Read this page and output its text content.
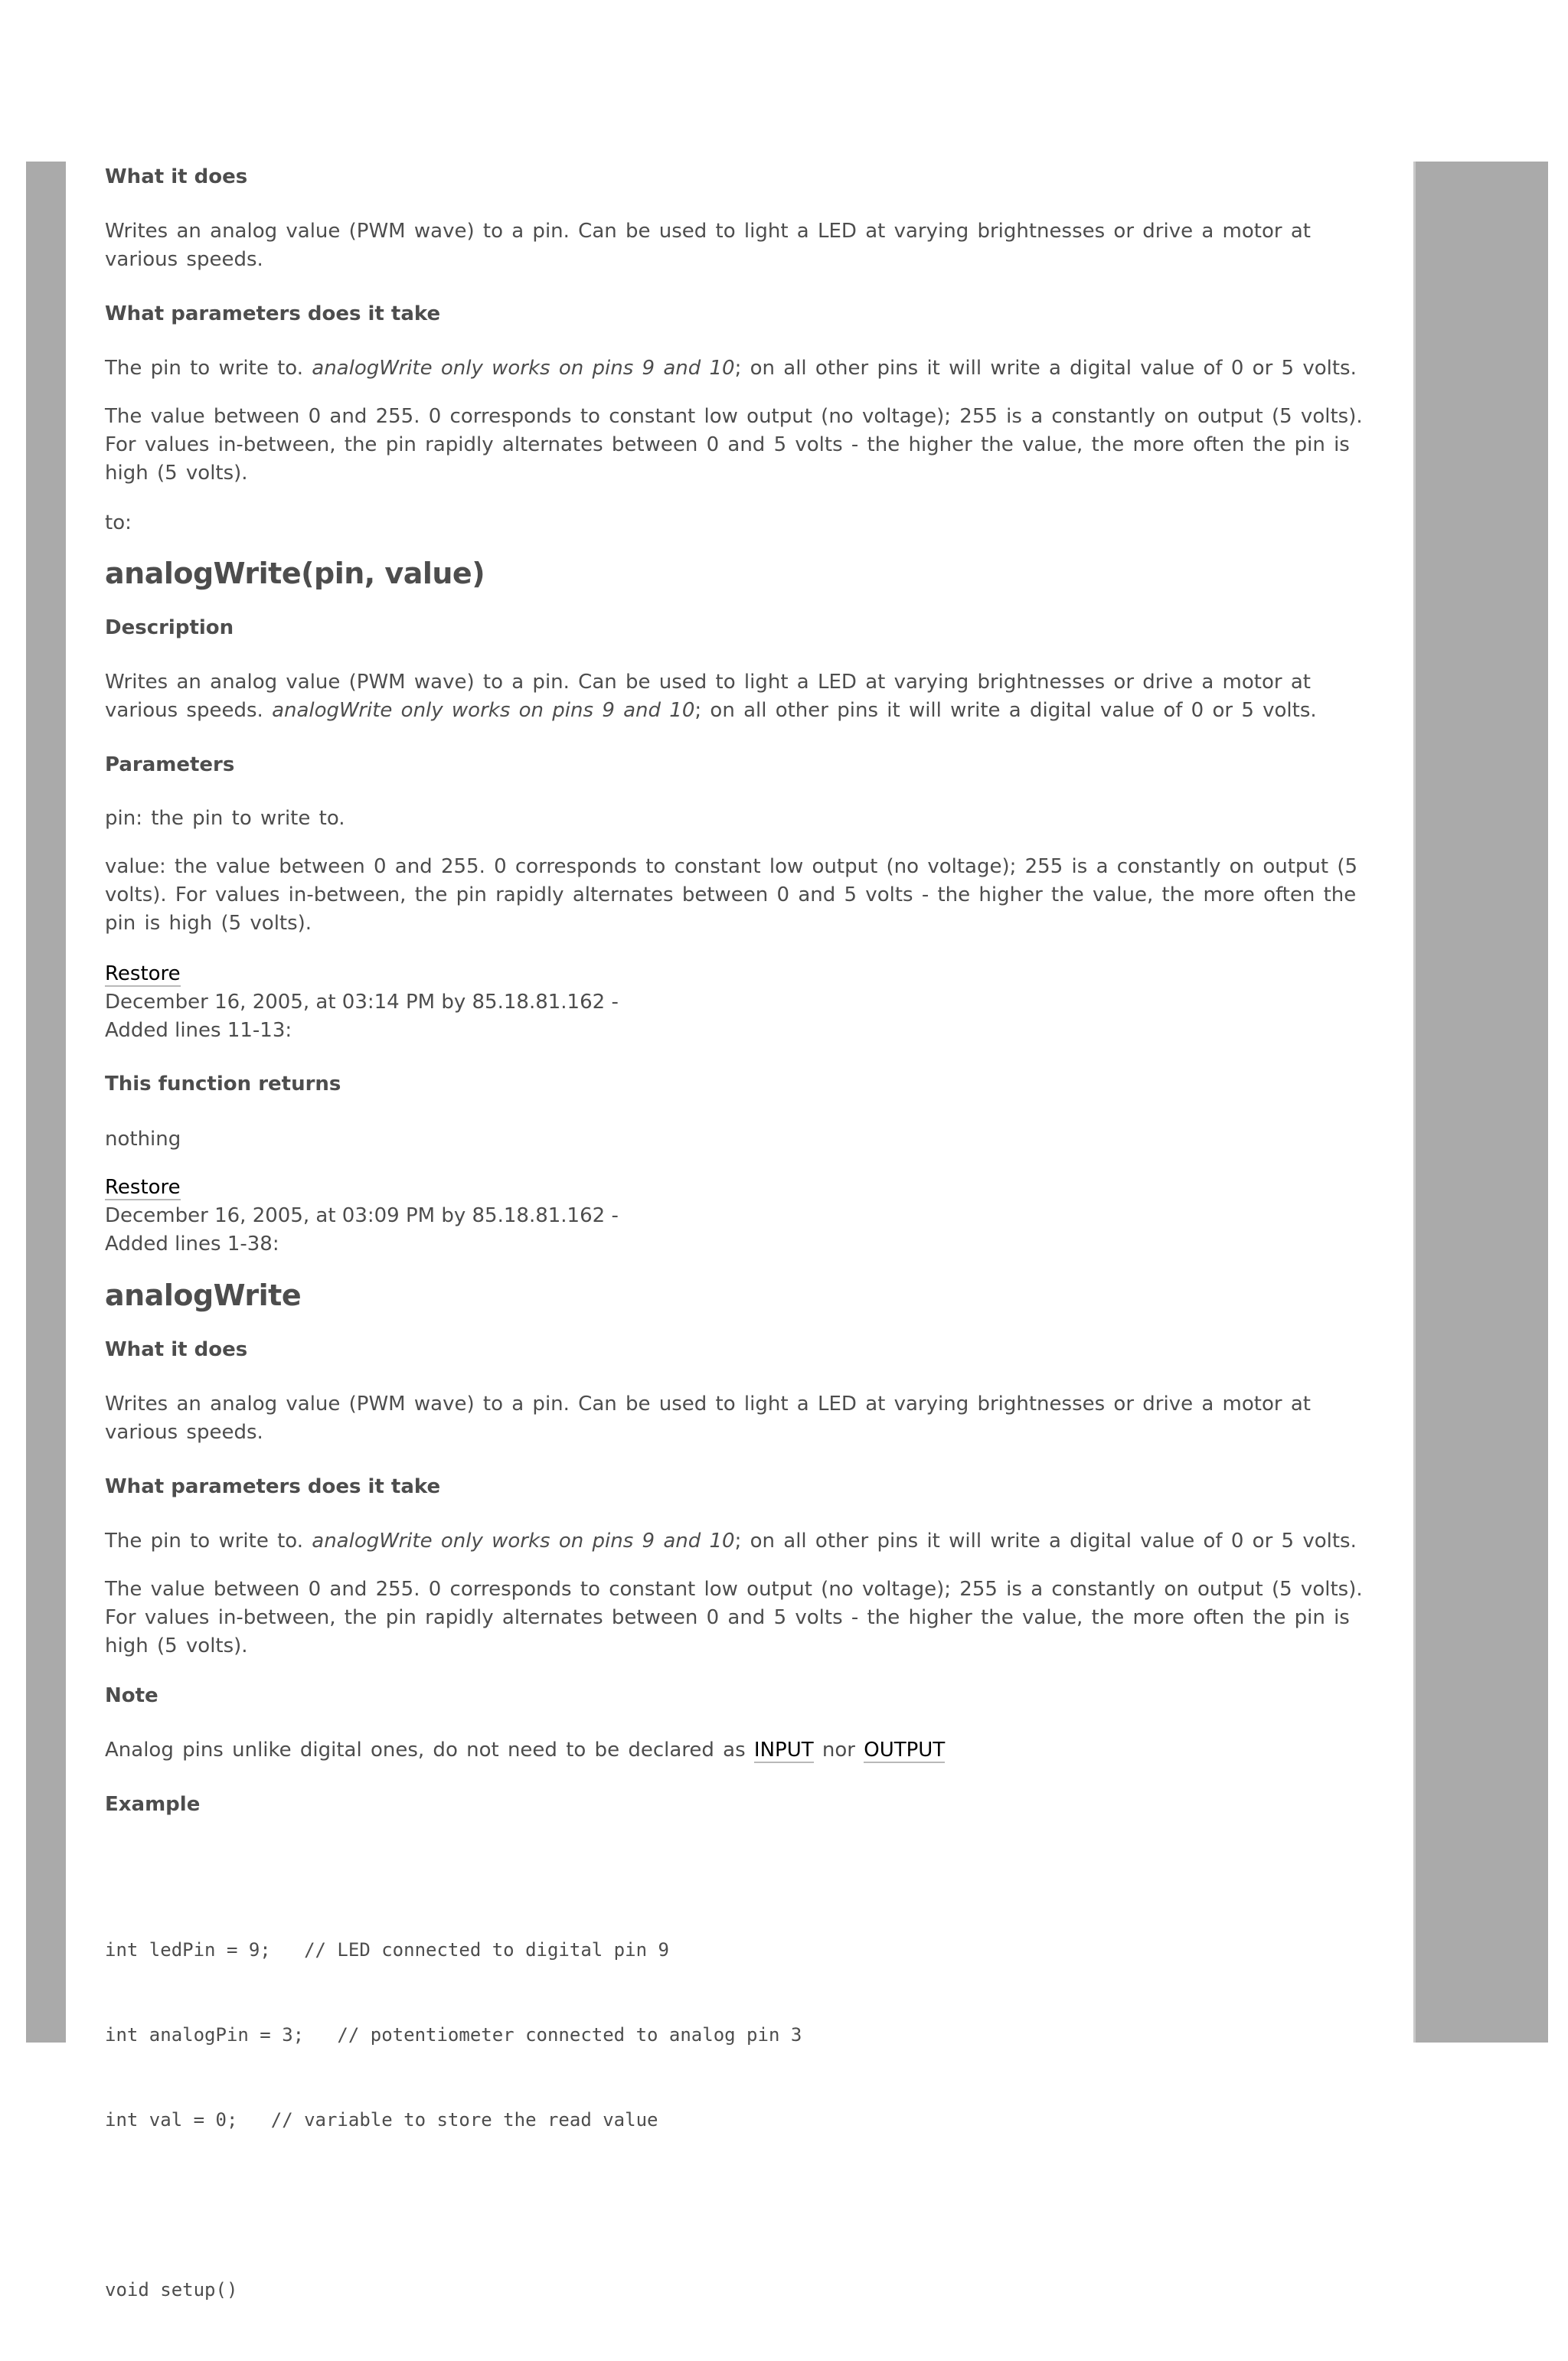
What it does

Writes an analog value (PWM wave) to a pin. Can be used to light a LED at varying brightnesses or drive a motor at various speeds.

What parameters does it take

The pin to write to. analogWrite only works on pins 9 and 10; on all other pins it will write a digital value of 0 or 5 volts.

The value between 0 and 255. 0 corresponds to constant low output (no voltage); 255 is a constantly on output (5 volts). For values in-between, the pin rapidly alternates between 0 and 5 volts - the higher the value, the more often the pin is high (5 volts).

to:

analogWrite(pin, value)

Description

Writes an analog value (PWM wave) to a pin. Can be used to light a LED at varying brightnesses or drive a motor at various speeds. analogWrite only works on pins 9 and 10; on all other pins it will write a digital value of 0 or 5 volts.

Parameters

pin: the pin to write to.

value: the value between 0 and 255. 0 corresponds to constant low output (no voltage); 255 is a constantly on output (5 volts). For values in-between, the pin rapidly alternates between 0 and 5 volts - the higher the value, the more often the pin is high (5 volts).

Restore
December 16, 2005, at 03:14 PM by 85.18.81.162 -
Added lines 11-13:

This function returns

nothing

Restore
December 16, 2005, at 03:09 PM by 85.18.81.162 -
Added lines 1-38:
analogWrite

What it does

Writes an analog value (PWM wave) to a pin. Can be used to light a LED at varying brightnesses or drive a motor at various speeds.

What parameters does it take

The pin to write to. analogWrite only works on pins 9 and 10; on all other pins it will write a digital value of 0 or 5 volts.

The value between 0 and 255. 0 corresponds to constant low output (no voltage); 255 is a constantly on output (5 volts). For values in-between, the pin rapidly alternates between 0 and 5 volts - the higher the value, the more often the pin is high (5 volts).

Note

Analog pins unlike digital ones, do not need to be declared as INPUT nor OUTPUT

Example

int ledPin = 9;   // LED connected to digital pin 9

int analogPin = 3;   // potentiometer connected to analog pin 3

int val = 0;   // variable to store the read value

void setup()
